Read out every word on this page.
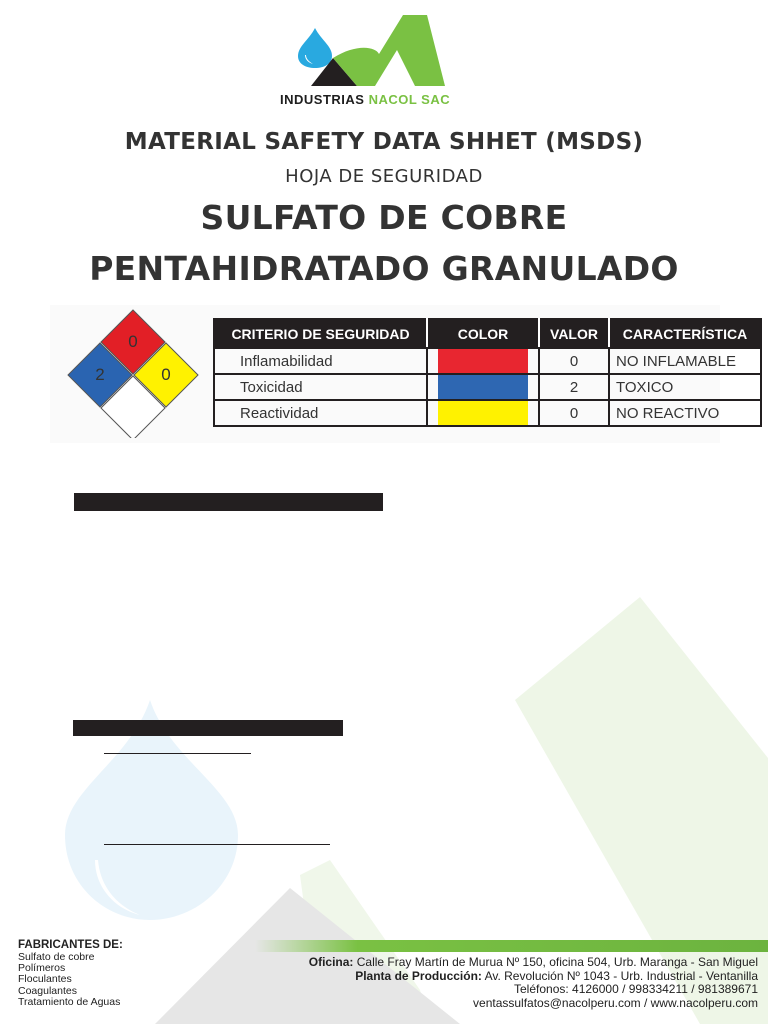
INDUSTRIAS NACOL SAC
MATERIAL SAFETY DATA SHHET (MSDS)
HOJA DE SEGURIDAD
SULFATO DE COBRE
PENTAHIDRATADO GRANULADO
0
2	0
CRITERIO DE SEGURIDAD	COLOR	VALOR	CARACTERÍSTICA
Inflamabilidad		0	NO INFLAMABLE
Toxicidad		2	TOXICO
Reactividad		0	NO REACTIVO
FABRICANTES DE:
Sulfato de cobre
Polímeros
Floculantes
Coagulantes
Tratamiento de Aguas
Oficina: Calle Fray Martín de Murua Nº 150, oficina 504, Urb. Maranga - San Miguel
Planta de Producción: Av. Revolución Nº 1043 - Urb. Industrial - Ventanilla
Teléfonos: 4126000 / 998334211 / 981389671
ventassulfatos@nacolperu.com / www.nacolperu.com
